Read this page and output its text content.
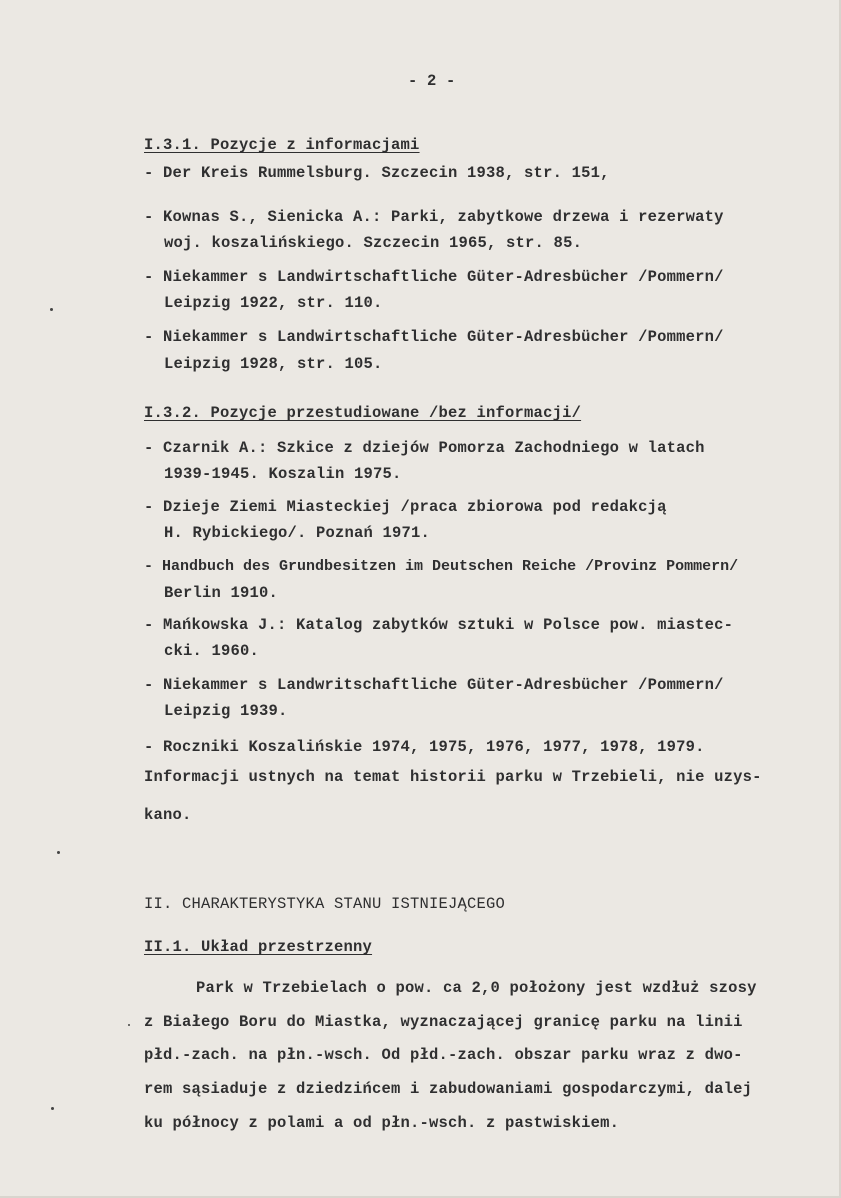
- 2 -
I.3.1. Pozycje z informacjami
- Der Kreis Rummelsburg. Szczecin 1938, str. 151,
- Kownas S., Sienicka A.: Parki, zabytkowe drzewa i rezerwaty
woj. koszalińskiego. Szczecin 1965, str. 85.
- Niekammer s Landwirtschaftliche Güter-Adresbücher /Pommern/
Leipzig 1922, str. 110.
- Niekammer s Landwirtschaftliche Güter-Adresbücher /Pommern/
Leipzig 1928, str. 105.
I.3.2. Pozycje przestudiowane /bez informacji/
- Czarnik A.: Szkice z dziejów Pomorza Zachodniego w latach
1939-1945. Koszalin 1975.
- Dzieje Ziemi Miasteckiej /praca zbiorowa pod redakcją
H. Rybickiego/. Poznań 1971.
- Handbuch des Grundbesitzen im Deutschen Reiche /Provinz Pommern/
Berlin 1910.
- Mańkowska J.: Katalog zabytków sztuki w Polsce pow. miastec-
cki. 1960.
- Niekammer s Landwritschaftliche Güter-Adresbücher /Pommern/
Leipzig 1939.
- Roczniki Koszalińskie 1974, 1975, 1976, 1977, 1978, 1979.
Informacji ustnych na temat historii parku w Trzebieli, nie uzys-
kano.
II. CHARAKTERYSTYKA STANU ISTNIEJĄCEGO
II.1. Układ przestrzenny
Park w Trzebielach o pow. ca 2,0 położony jest wzdłuż szosy
z Białego Boru do Miastka, wyznaczającej granicę parku na linii
płd.-zach. na płn.-wsch. Od płd.-zach. obszar parku wraz z dwo-
rem sąsiaduje z dziedzińcem i zabudowaniami gospodarczymi, dalej
ku północy z polami a od płn.-wsch. z pastwiskiem.
